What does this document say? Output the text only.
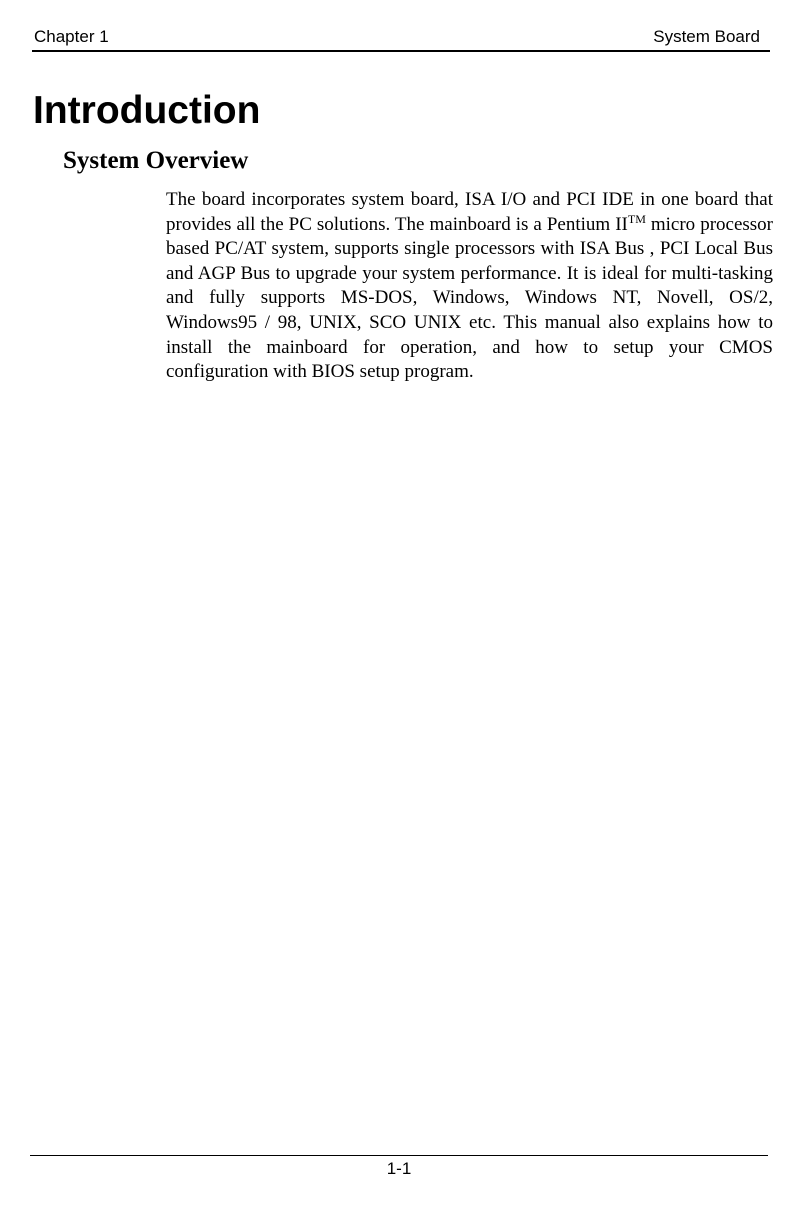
Chapter 1	System Board
Introduction
System Overview

The board incorporates system board, ISA I/O and PCI IDE in one board that provides all the PC solutions. The mainboard is a Pentium II™ micro processor based PC/AT system, supports single processors with ISA Bus , PCI Local Bus and AGP Bus to upgrade your system performance. It is ideal for multi-tasking and fully supports MS-DOS, Windows, Windows NT, Novell, OS/2, Windows95 / 98, UNIX, SCO UNIX etc. This manual also explains how to install the mainboard for operation, and how to setup your CMOS configuration with BIOS setup program.

1-1
